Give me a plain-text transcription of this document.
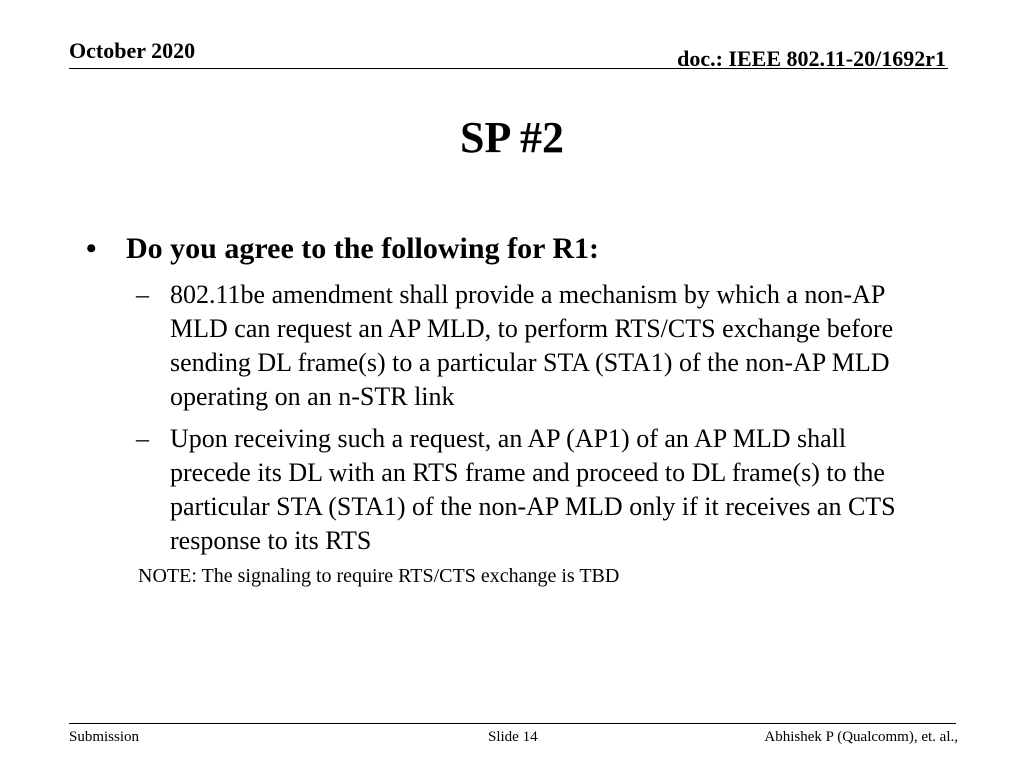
October 2020	doc.: IEEE 802.11-20/1692r1
SP #2
• Do you agree to the following for R1:
– 802.11be amendment shall provide a mechanism by which a non-AP MLD can request an AP MLD, to perform RTS/CTS exchange before sending DL frame(s) to a particular STA (STA1) of the non-AP MLD operating on an n-STR link
– Upon receiving such a request, an AP (AP1) of an AP MLD shall precede its DL with an RTS frame and proceed to DL frame(s) to the particular STA (STA1) of the non-AP MLD only if it receives an CTS response to its RTS
NOTE: The signaling to require RTS/CTS exchange is TBD
Submission	Slide 14	Abhishek P (Qualcomm), et. al.,
